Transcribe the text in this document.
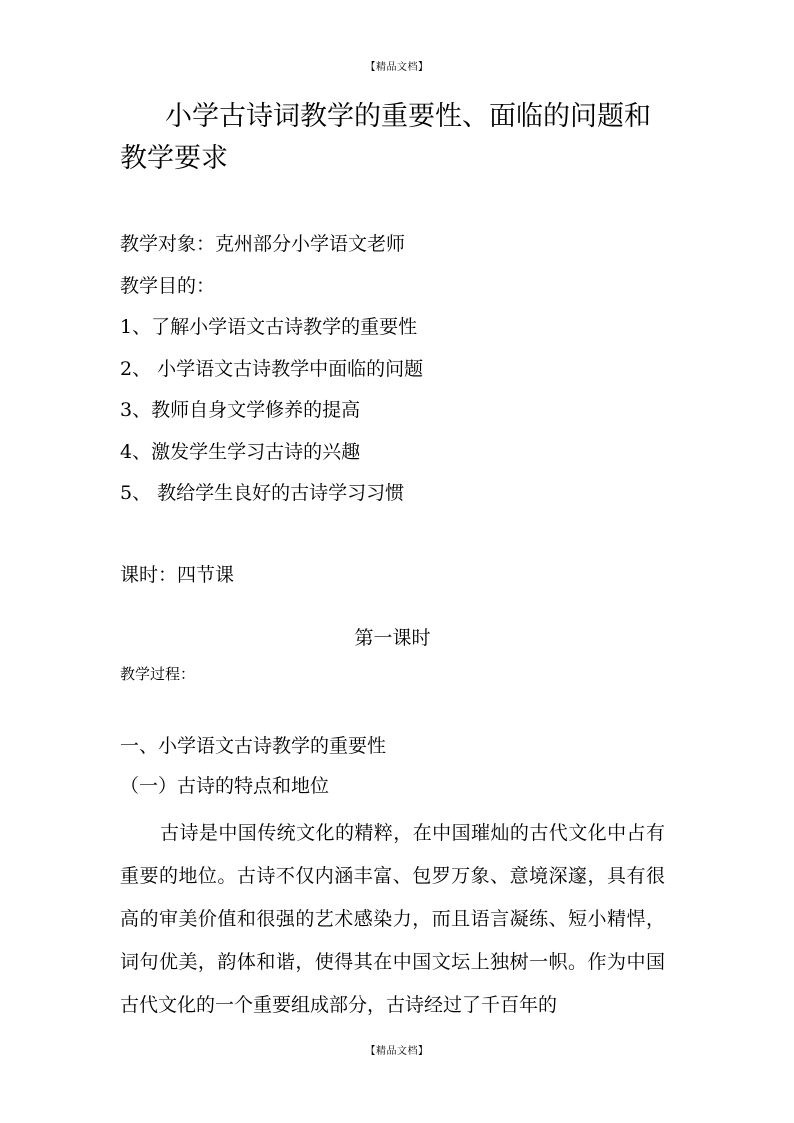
【精品文档】
小学古诗词教学的重要性、面临的问题和教学要求
教学对象：克州部分小学语文老师
教学目的：
1、了解小学语文古诗教学的重要性
2、 小学语文古诗教学中面临的问题
3、教师自身文学修养的提高
4、激发学生学习古诗的兴趣
5、 教给学生良好的古诗学习习惯
课时：四节课
第一课时
教学过程：
一、小学语文古诗教学的重要性
（一）古诗的特点和地位
古诗是中国传统文化的精粹，在中国璀灿的古代文化中占有重要的地位。古诗不仅内涵丰富、包罗万象、意境深邃，具有很高的审美价值和很强的艺术感染力，而且语言凝练、短小精悍，词句优美，韵体和谐，使得其在中国文坛上独树一帜。作为中国古代文化的一个重要组成部分，古诗经过了千百年的
【精品文档】
